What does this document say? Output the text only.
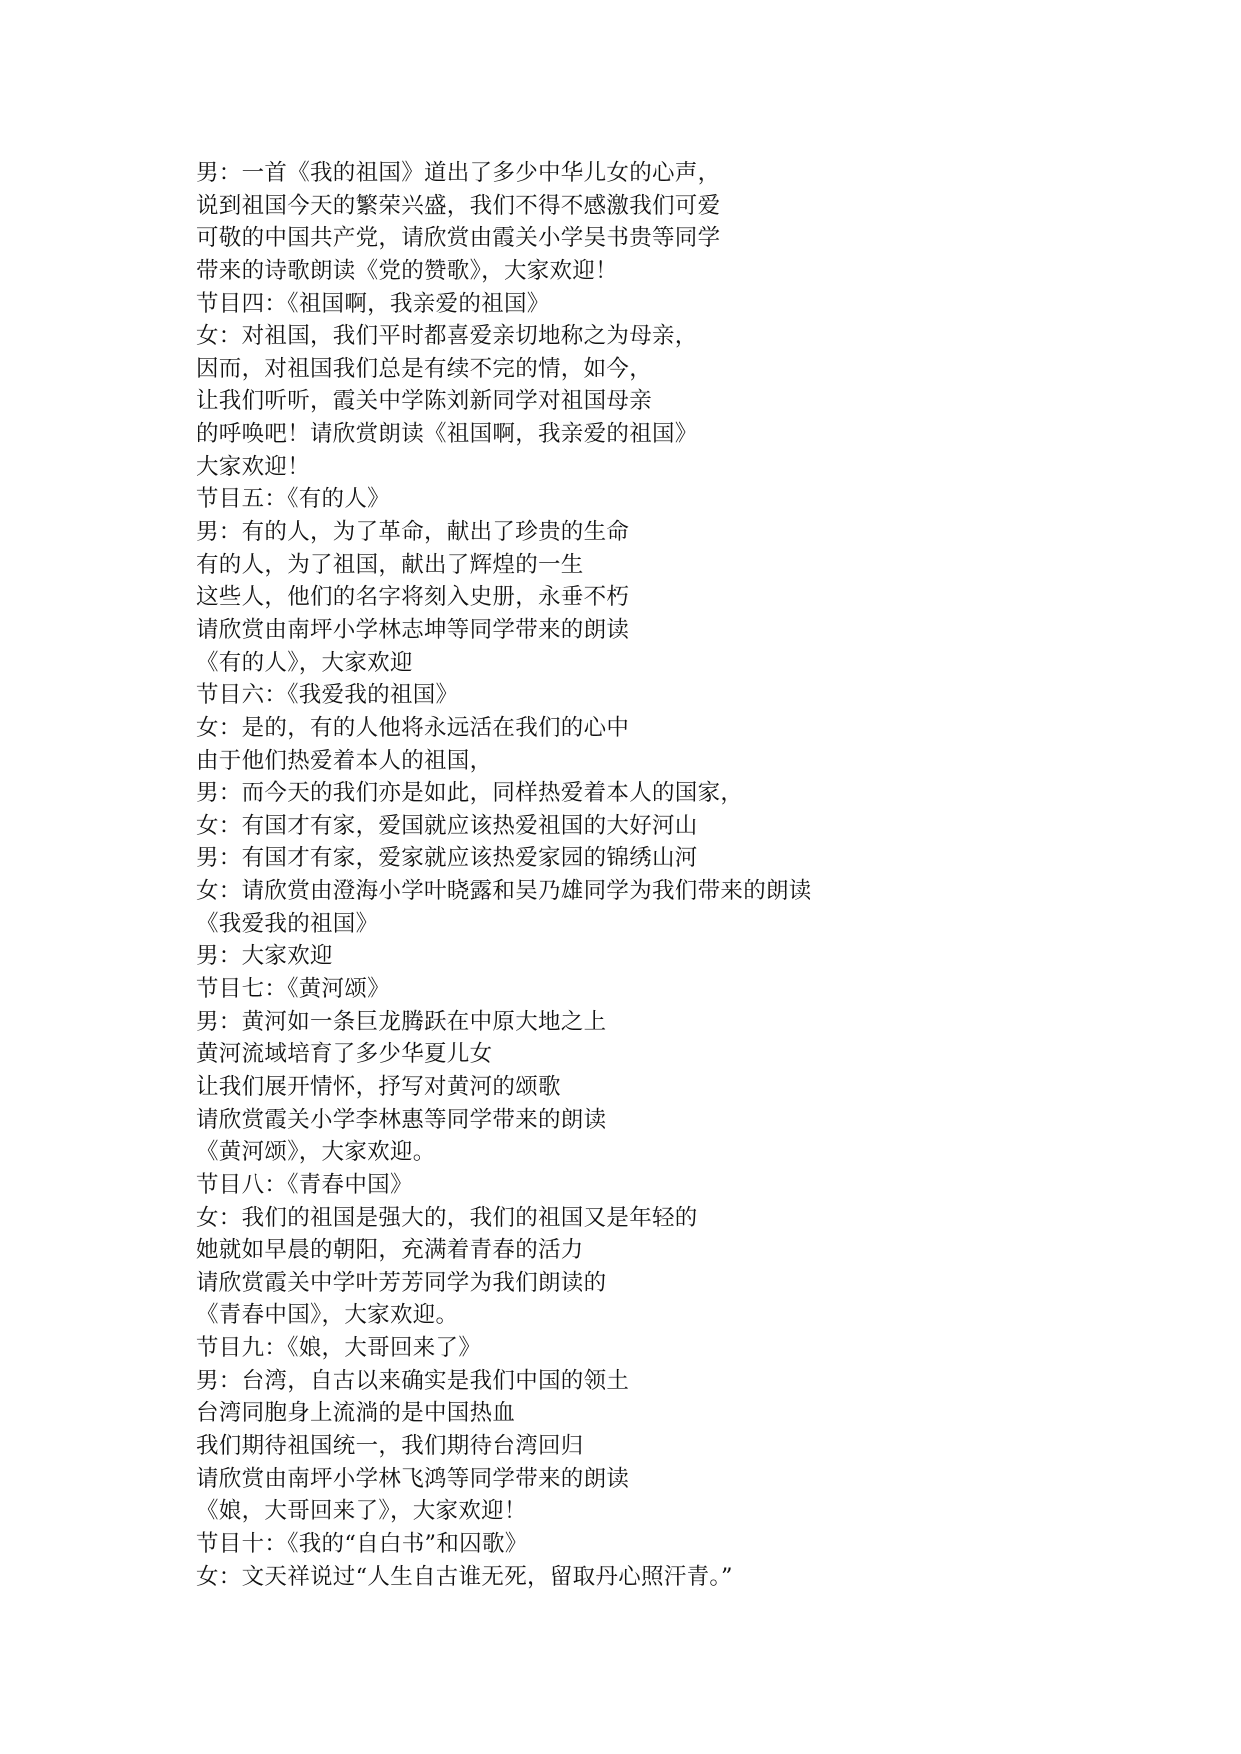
男：一首《我的祖国》道出了多少中华儿女的心声，
说到祖国今天的繁荣兴盛，我们不得不感激我们可爱
可敬的中国共产党，请欣赏由霞关小学吴书贵等同学
带来的诗歌朗读《党的赞歌》，大家欢迎！
节目四：《祖国啊，我亲爱的祖国》
女：对祖国，我们平时都喜爱亲切地称之为母亲，
因而，对祖国我们总是有续不完的情，如今，
让我们听听，霞关中学陈刘新同学对祖国母亲
的呼唤吧！请欣赏朗读《祖国啊，我亲爱的祖国》
大家欢迎！
节目五：《有的人》
男：有的人，为了革命，献出了珍贵的生命
有的人，为了祖国，献出了辉煌的一生
这些人，他们的名字将刻入史册，永垂不朽
请欣赏由南坪小学林志坤等同学带来的朗读
《有的人》，大家欢迎
节目六：《我爱我的祖国》
女：是的，有的人他将永远活在我们的心中
由于他们热爱着本人的祖国，
男：而今天的我们亦是如此，同样热爱着本人的国家，
女：有国才有家，爱国就应该热爱祖国的大好河山
男：有国才有家，爱家就应该热爱家园的锦绣山河
女：请欣赏由澄海小学叶晓露和吴乃雄同学为我们带来的朗读
《我爱我的祖国》
男：大家欢迎
节目七：《黄河颂》
男：黄河如一条巨龙腾跃在中原大地之上
黄河流域培育了多少华夏儿女
让我们展开情怀，抒写对黄河的颂歌
请欣赏霞关小学李林惠等同学带来的朗读
《黄河颂》，大家欢迎。
节目八：《青春中国》
女：我们的祖国是强大的，我们的祖国又是年轻的
她就如早晨的朝阳，充满着青春的活力
请欣赏霞关中学叶芳芳同学为我们朗读的
《青春中国》，大家欢迎。
节目九：《娘，大哥回来了》
男：台湾，自古以来确实是我们中国的领土
台湾同胞身上流淌的是中国热血
我们期待祖国统一，我们期待台湾回归
请欣赏由南坪小学林飞鸿等同学带来的朗读
《娘，大哥回来了》，大家欢迎！
节目十：《我的“自白书”和囚歌》
女：文天祥说过“人生自古谁无死，留取丹心照汗青。”
